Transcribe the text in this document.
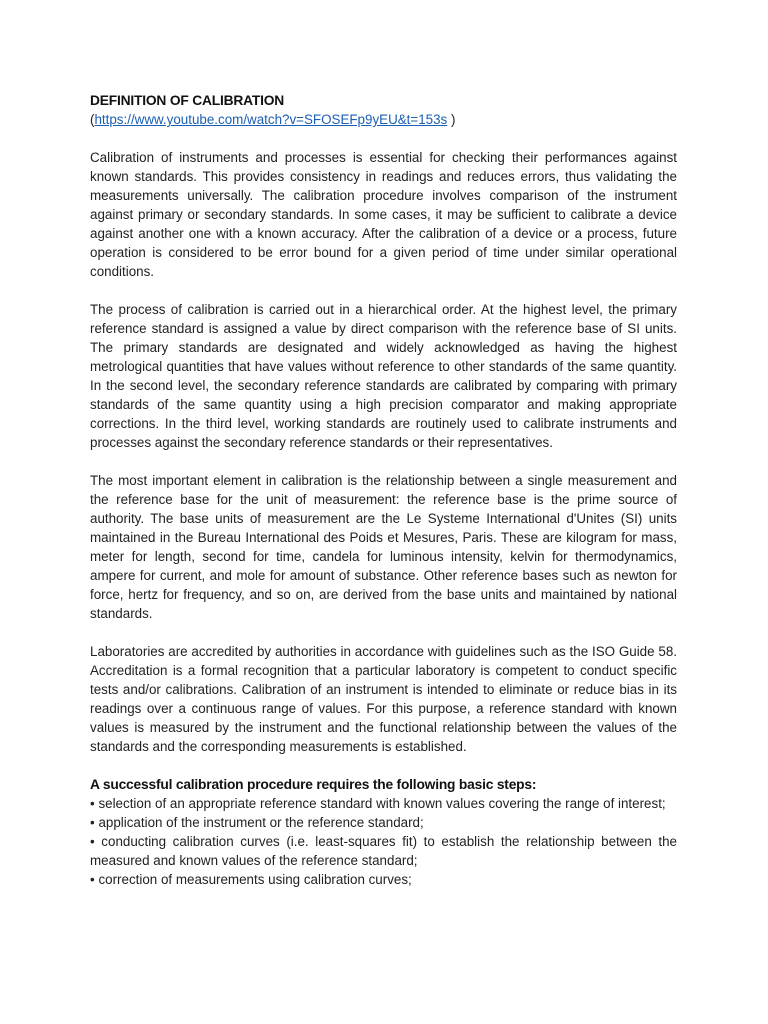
DEFINITION OF CALIBRATION

(https://www.youtube.com/watch?v=SFOSEFp9yEU&t=153s )

Calibration of instruments and processes is essential for checking their performances against known standards. This provides consistency in readings and reduces errors, thus validating the measurements universally. The calibration procedure involves comparison of the instrument against primary or secondary standards. In some cases, it may be sufficient to calibrate a device against another one with a known accuracy. After the calibration of a device or a process, future operation is considered to be error bound for a given period of time under similar operational conditions.

The process of calibration is carried out in a hierarchical order. At the highest level, the primary reference standard is assigned a value by direct comparison with the reference base of SI units. The primary standards are designated and widely acknowledged as having the highest metrological quantities that have values without reference to other standards of the same quantity. In the second level, the secondary reference standards are calibrated by comparing with primary standards of the same quantity using a high precision comparator and making appropriate corrections. In the third level, working standards are routinely used to calibrate instruments and processes against the secondary reference standards or their representatives.

The most important element in calibration is the relationship between a single measurement and the reference base for the unit of measurement: the reference base is the prime source of authority. The base units of measurement are the Le Systeme International d'Unites (SI) units maintained in the Bureau International des Poids et Mesures, Paris. These are kilogram for mass, meter for length, second for time, candela for luminous intensity, kelvin for thermodynamics, ampere for current, and mole for amount of substance. Other reference bases such as newton for force, hertz for frequency, and so on, are derived from the base units and maintained by national standards.

Laboratories are accredited by authorities in accordance with guidelines such as the ISO Guide 58. Accreditation is a formal recognition that a particular laboratory is competent to conduct specific tests and/or calibrations. Calibration of an instrument is intended to eliminate or reduce bias in its readings over a continuous range of values. For this purpose, a reference standard with known values is measured by the instrument and the functional relationship between the values of the standards and the corresponding measurements is established.

A successful calibration procedure requires the following basic steps:

• selection of an appropriate reference standard with known values covering the range of interest;
• application of the instrument or the reference standard;
• conducting calibration curves (i.e. least-squares fit) to establish the relationship between the measured and known values of the reference standard;
• correction of measurements using calibration curves;
